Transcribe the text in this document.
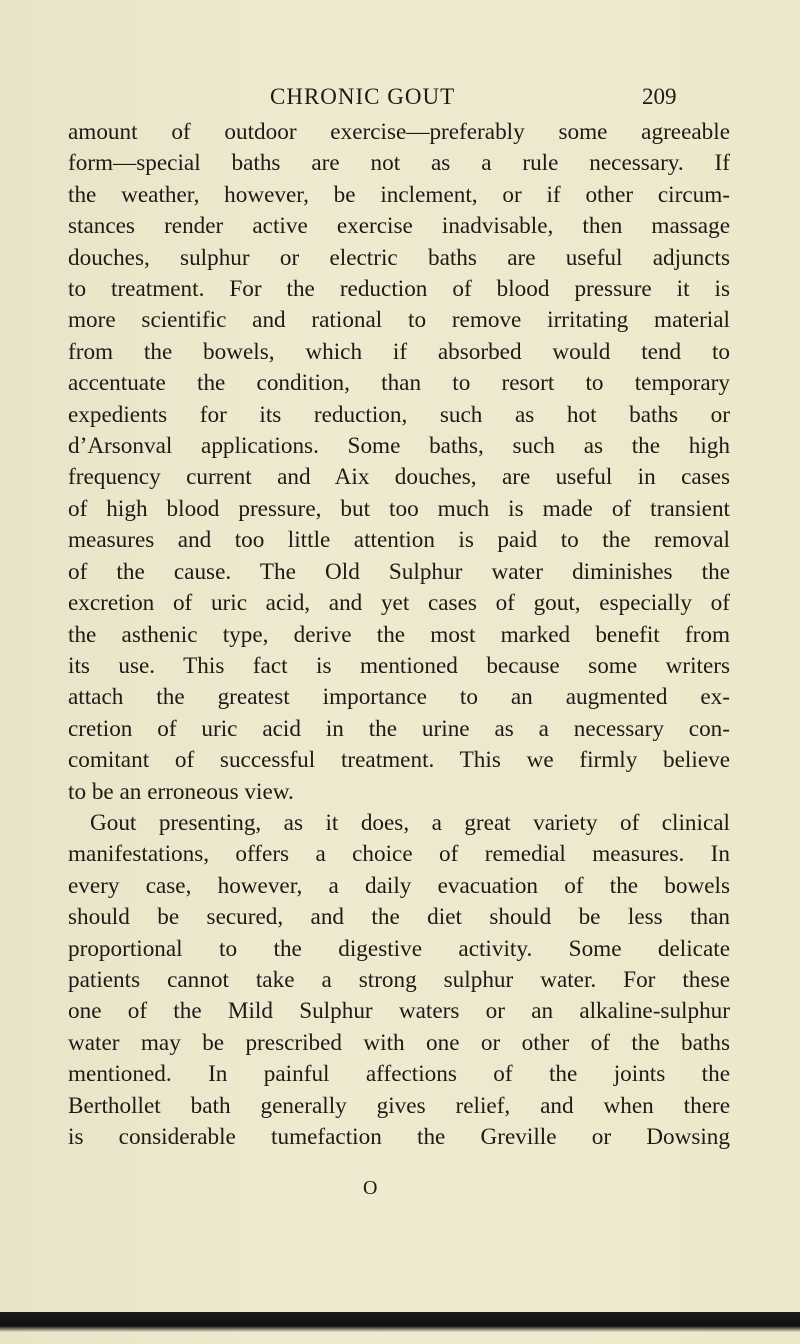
CHRONIC GOUT	209
amount of outdoor exercise—preferably some agreeable
form—special baths are not as a rule necessary. If
the weather, however, be inclement, or if other circum-
stances render active exercise inadvisable, then massage
douches, sulphur or electric baths are useful adjuncts
to treatment. For the reduction of blood pressure it is
more scientific and rational to remove irritating material
from the bowels, which if absorbed would tend to
accentuate the condition, than to resort to temporary
expedients for its reduction, such as hot baths or
d’Arsonval applications. Some baths, such as the high
frequency current and Aix douches, are useful in cases
of high blood pressure, but too much is made of transient
measures and too little attention is paid to the removal
of the cause. The Old Sulphur water diminishes the
excretion of uric acid, and yet cases of gout, especially of
the asthenic type, derive the most marked benefit from
its use. This fact is mentioned because some writers
attach the greatest importance to an augmented ex-
cretion of uric acid in the urine as a necessary con-
comitant of successful treatment. This we firmly believe
to be an erroneous view.
Gout presenting, as it does, a great variety of clinical
manifestations, offers a choice of remedial measures. In
every case, however, a daily evacuation of the bowels
should be secured, and the diet should be less than
proportional to the digestive activity. Some delicate
patients cannot take a strong sulphur water. For these
one of the Mild Sulphur waters or an alkaline-sulphur
water may be prescribed with one or other of the baths
mentioned. In painful affections of the joints the
Berthollet bath generally gives relief, and when there
is considerable tumefaction the Greville or Dowsing
O
